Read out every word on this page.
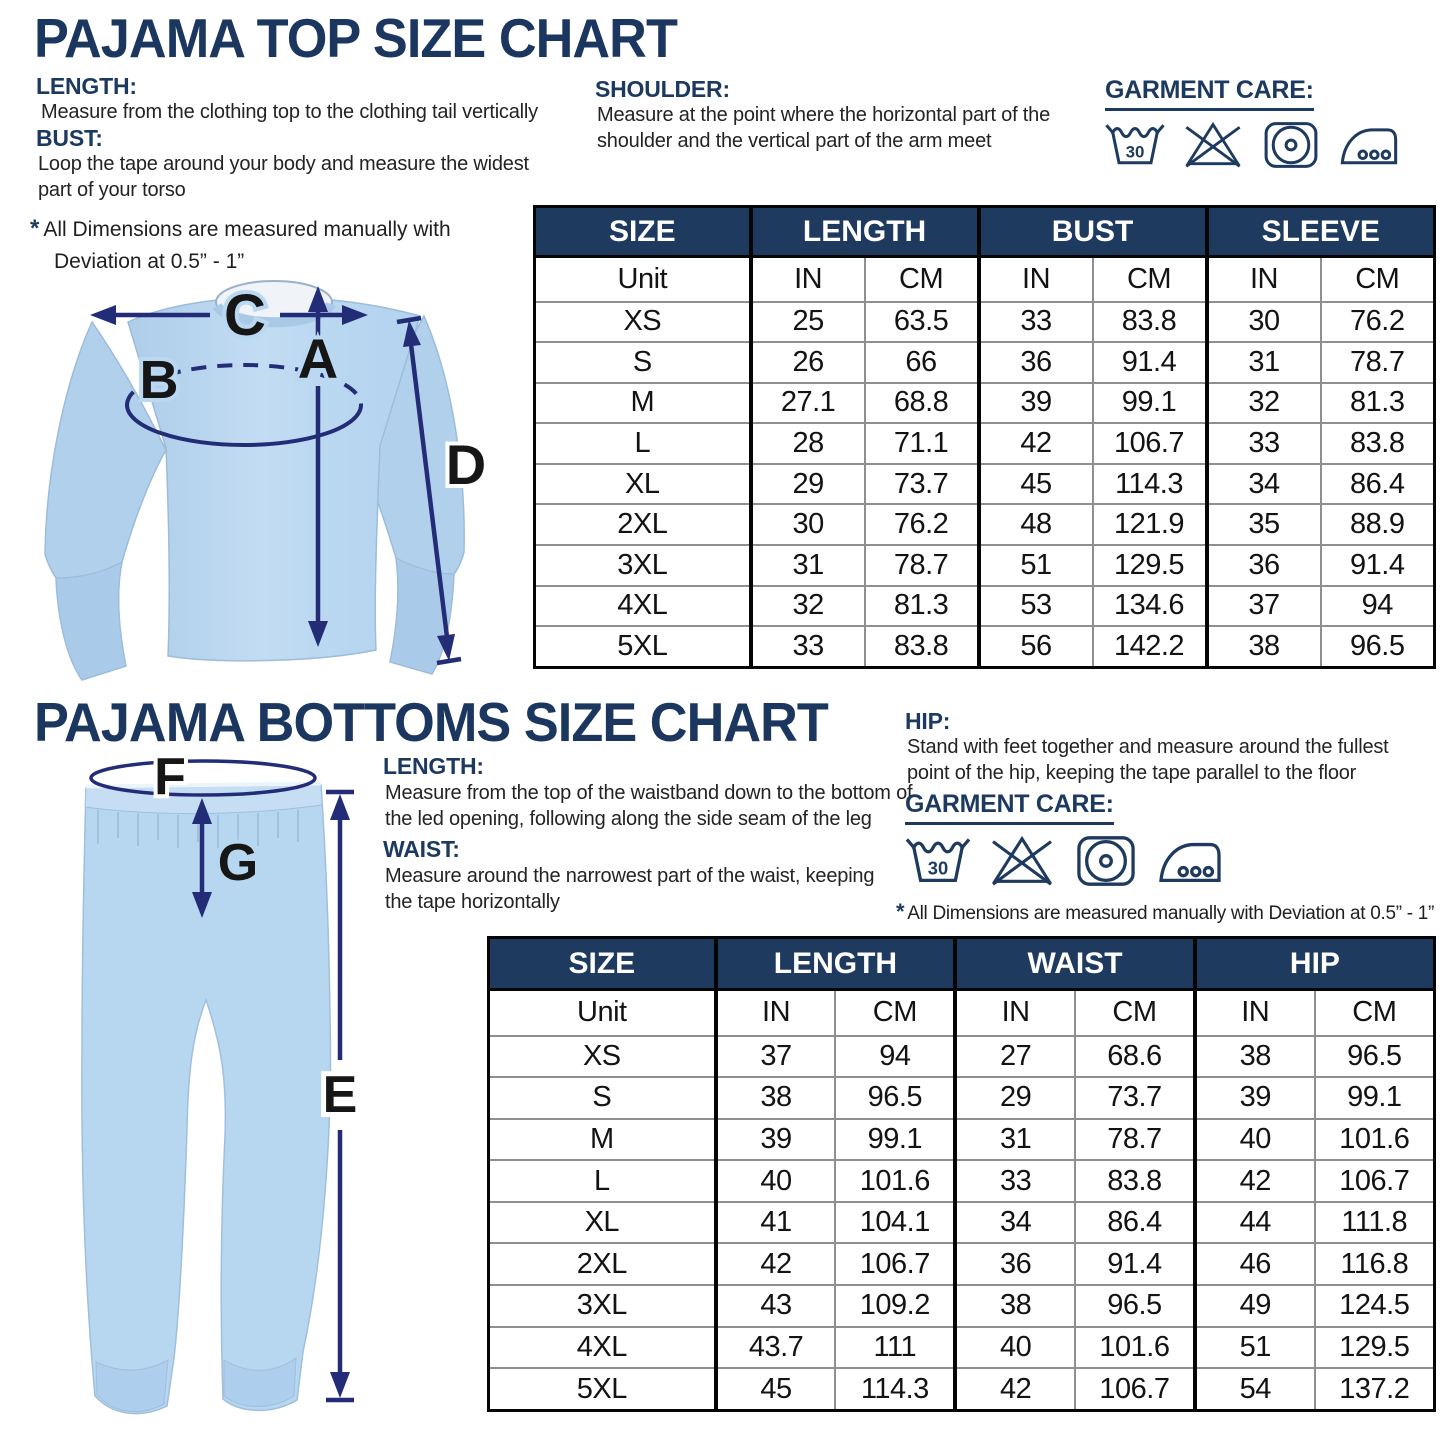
PAJAMA TOP SIZE CHART
LENGTH:
Measure from the clothing top to the clothing tail vertically
BUST:
Loop the tape around your body and measure the widest part of your torso
* All Dimensions are measured manually with
Deviation at 0.5” - 1”
SHOULDER:
Measure at the point where the horizontal part of the shoulder and the vertical part of the arm meet
GARMENT CARE:
C
A
B
D
SIZE	LENGTH		BUST		SLEEVE	
Unit	IN	CM	IN	CM	IN	CM
XS	25	63.5	33	83.8	30	76.2
S	26	66	36	91.4	31	78.7
M	27.1	68.8	39	99.1	32	81.3
L	28	71.1	42	106.7	33	83.8
XL	29	73.7	45	114.3	34	86.4
2XL	30	76.2	48	121.9	35	88.9
3XL	31	78.7	51	129.5	36	91.4
4XL	32	81.3	53	134.6	37	94
5XL	33	83.8	56	142.2	38	96.5
PAJAMA BOTTOMS SIZE CHART
LENGTH:
Measure from the top of the waistband down to the bottom of the led opening, following along the side seam of the leg
WAIST:
Measure around the narrowest part of the waist, keeping the tape horizontally
HIP:
Stand with feet together and measure around the fullest point of the hip, keeping the tape parallel to the floor
GARMENT CARE:
* All Dimensions are measured manually with Deviation at 0.5” - 1”
F
G
E
SIZE	LENGTH		WAIST		HIP	
Unit	IN	CM	IN	CM	IN	CM
XS	37	94	27	68.6	38	96.5
S	38	96.5	29	73.7	39	99.1
M	39	99.1	31	78.7	40	101.6
L	40	101.6	33	83.8	42	106.7
XL	41	104.1	34	86.4	44	111.8
2XL	42	106.7	36	91.4	46	116.8
3XL	43	109.2	38	96.5	49	124.5
4XL	43.7	111	40	101.6	51	129.5
5XL	45	114.3	42	106.7	54	137.2
